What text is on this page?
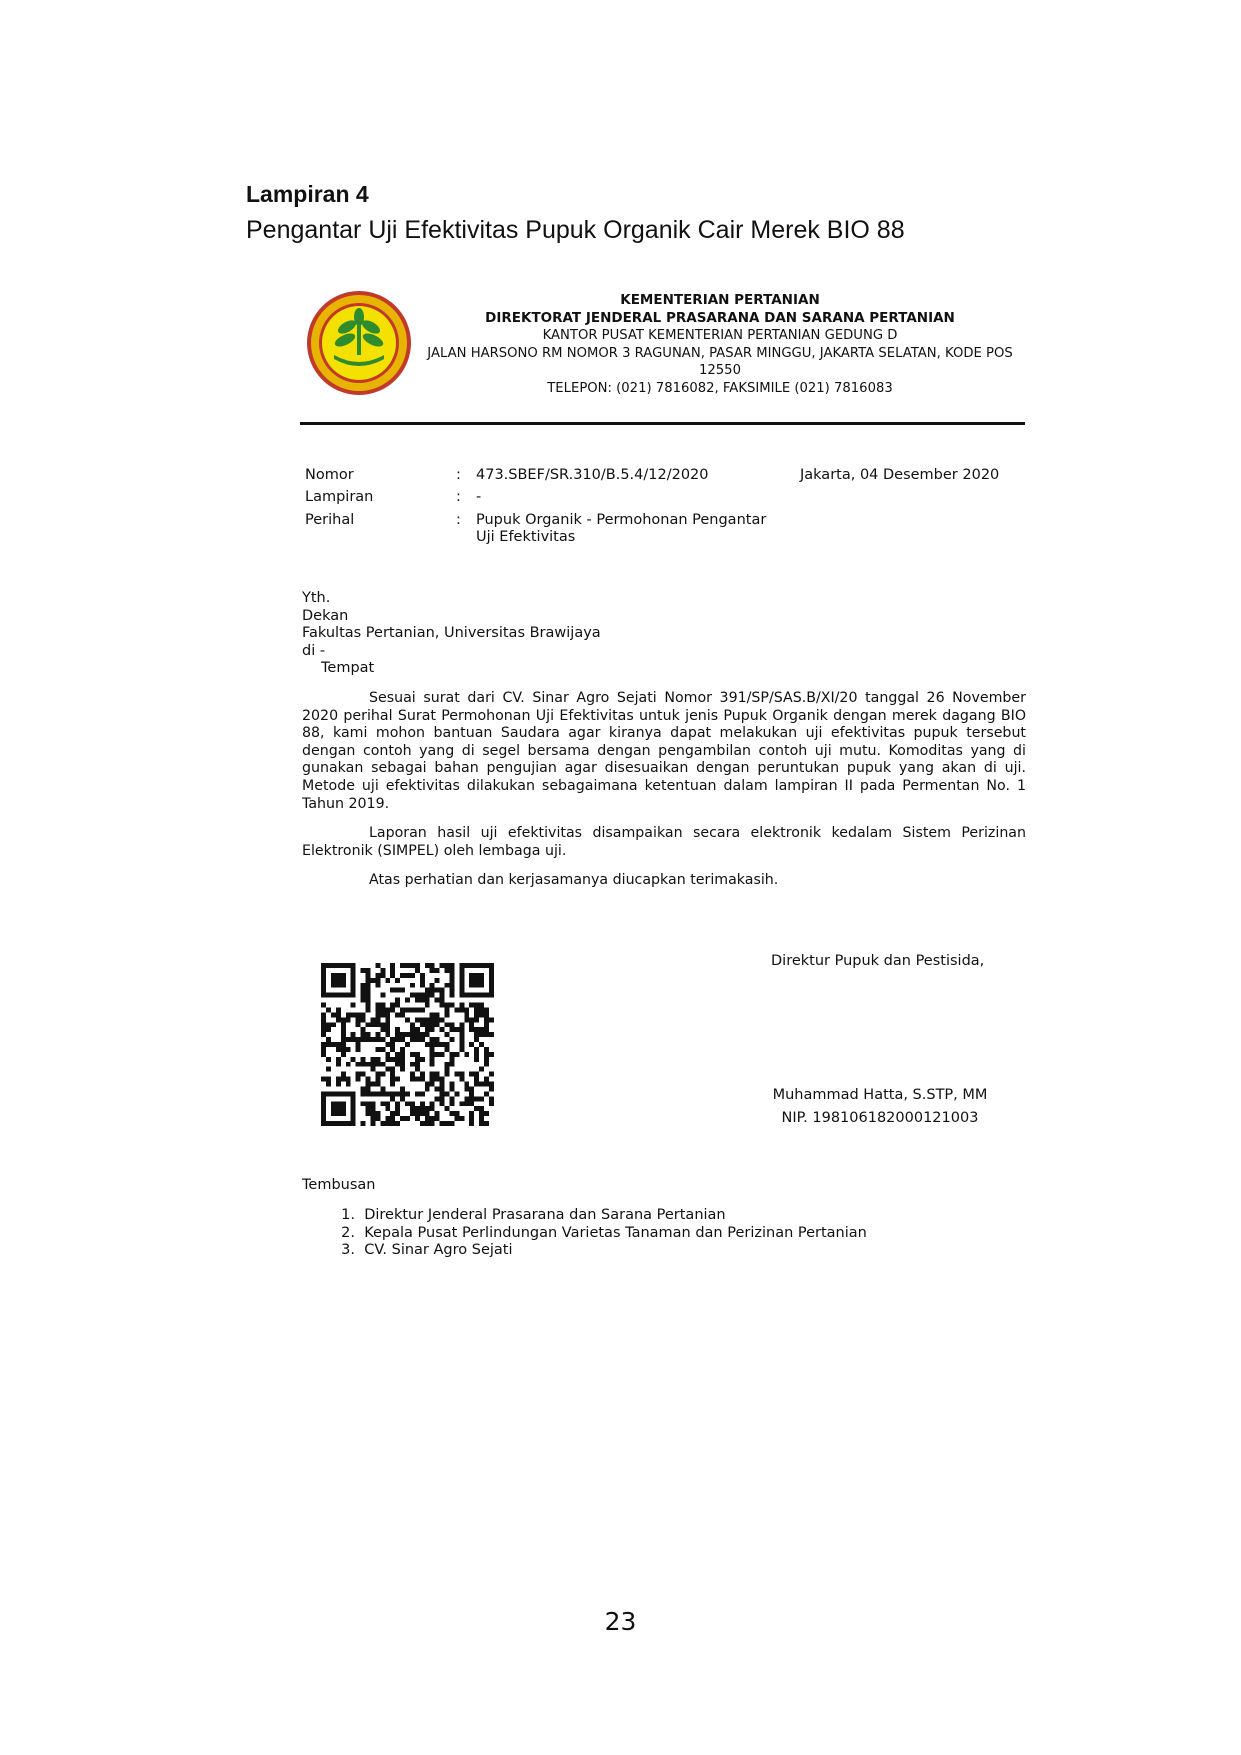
Lampiran 4
Pengantar Uji Efektivitas Pupuk Organik Cair Merek BIO 88
KEMENTERIAN PERTANIAN
DIREKTORAT JENDERAL PRASARANA DAN SARANA PERTANIAN
KANTOR PUSAT KEMENTERIAN PERTANIAN GEDUNG D
JALAN HARSONO RM NOMOR 3 RAGUNAN, PASAR MINGGU, JAKARTA SELATAN, KODE POS
12550
TELEPON: (021) 7816082, FAKSIMILE (021) 7816083
Nomor	: 473.SBEF/SR.310/B.5.4/12/2020	Jakarta, 04 Desember 2020
Lampiran	: -
Perihal	: Pupuk Organik - Permohonan Pengantar
Uji Efektivitas
Yth.
Dekan
Fakultas Pertanian, Universitas Brawijaya
di -
Tempat

Sesuai surat dari CV. Sinar Agro Sejati Nomor 391/SP/SAS.B/XI/20 tanggal 26 November 2020 perihal Surat Permohonan Uji Efektivitas untuk jenis Pupuk Organik dengan merek dagang BIO 88, kami mohon bantuan Saudara agar kiranya dapat melakukan uji efektivitas pupuk tersebut dengan contoh yang di segel bersama dengan pengambilan contoh uji mutu. Komoditas yang di gunakan sebagai bahan pengujian agar disesuaikan dengan peruntukan pupuk yang akan di uji. Metode uji efektivitas dilakukan sebagaimana ketentuan dalam lampiran II pada Permentan No. 1 Tahun 2019.

Laporan hasil uji efektivitas disampaikan secara elektronik kedalam Sistem Perizinan Elektronik (SIMPEL) oleh lembaga uji.

Atas perhatian dan kerjasamanya diucapkan terimakasih.

Direktur Pupuk dan Pestisida,
Muhammad Hatta, S.STP, MM
NIP. 198106182000121003
Tembusan
1.
Direktur Jenderal Prasarana dan Sarana Pertanian
2.
Kepala Pusat Perlindungan Varietas Tanaman dan Perizinan Pertanian
3.
CV. Sinar Agro Sejati
23
